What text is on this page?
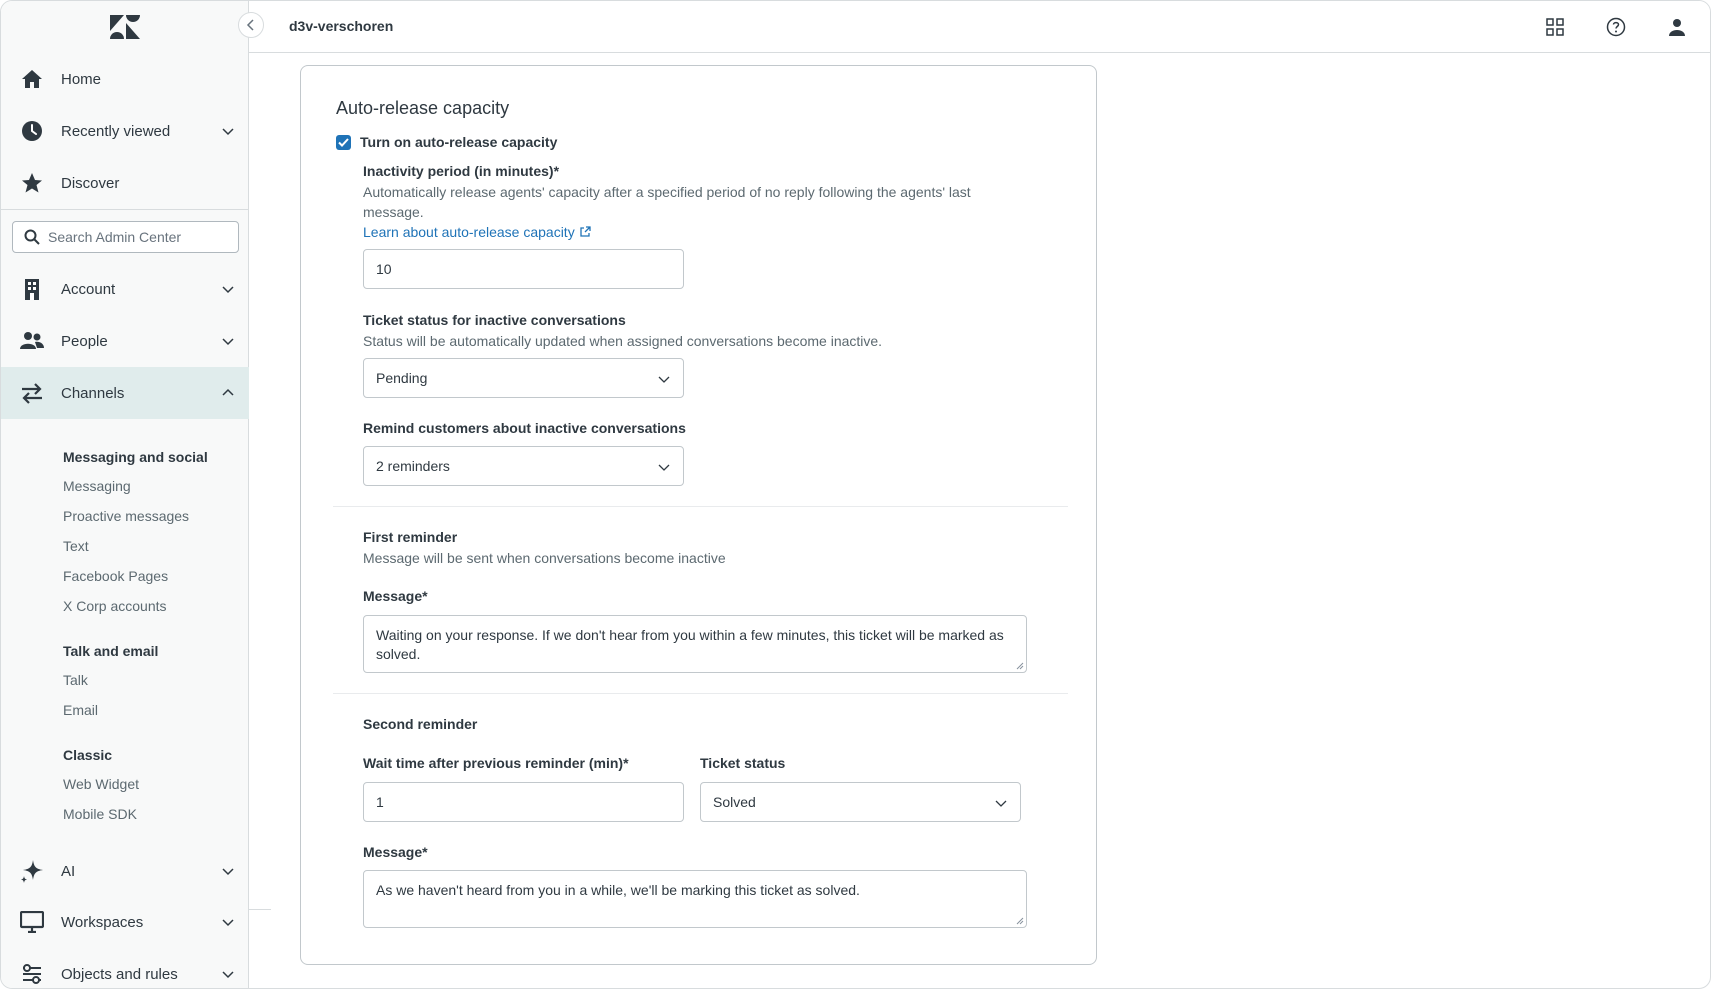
Home
Recently viewed
Discover
Search Admin Center
Account
People
Channels
Messaging and social
Messaging
Proactive messages
Text
Facebook Pages
X Corp accounts
Talk and email
Talk
Email
Classic
Web Widget
Mobile SDK
AI
Workspaces
Objects and rules
d3v-verschoren
Auto-release capacity
Turn on auto-release capacity
Inactivity period (in minutes)*
Automatically release agents' capacity after a specified period of no reply following the agents' last message.
Learn about auto-release capacity
10
Ticket status for inactive conversations
Status will be automatically updated when assigned conversations become inactive.
Pending
Remind customers about inactive conversations
2 reminders
First reminder
Message will be sent when conversations become inactive
Message*
Waiting on your response. If we don't hear from you within a few minutes, this ticket will be marked as solved.
Second reminder
Wait time after previous reminder (min)*	Ticket status
1	Solved
Message*
As we haven't heard from you in a while, we'll be marking this ticket as solved.
